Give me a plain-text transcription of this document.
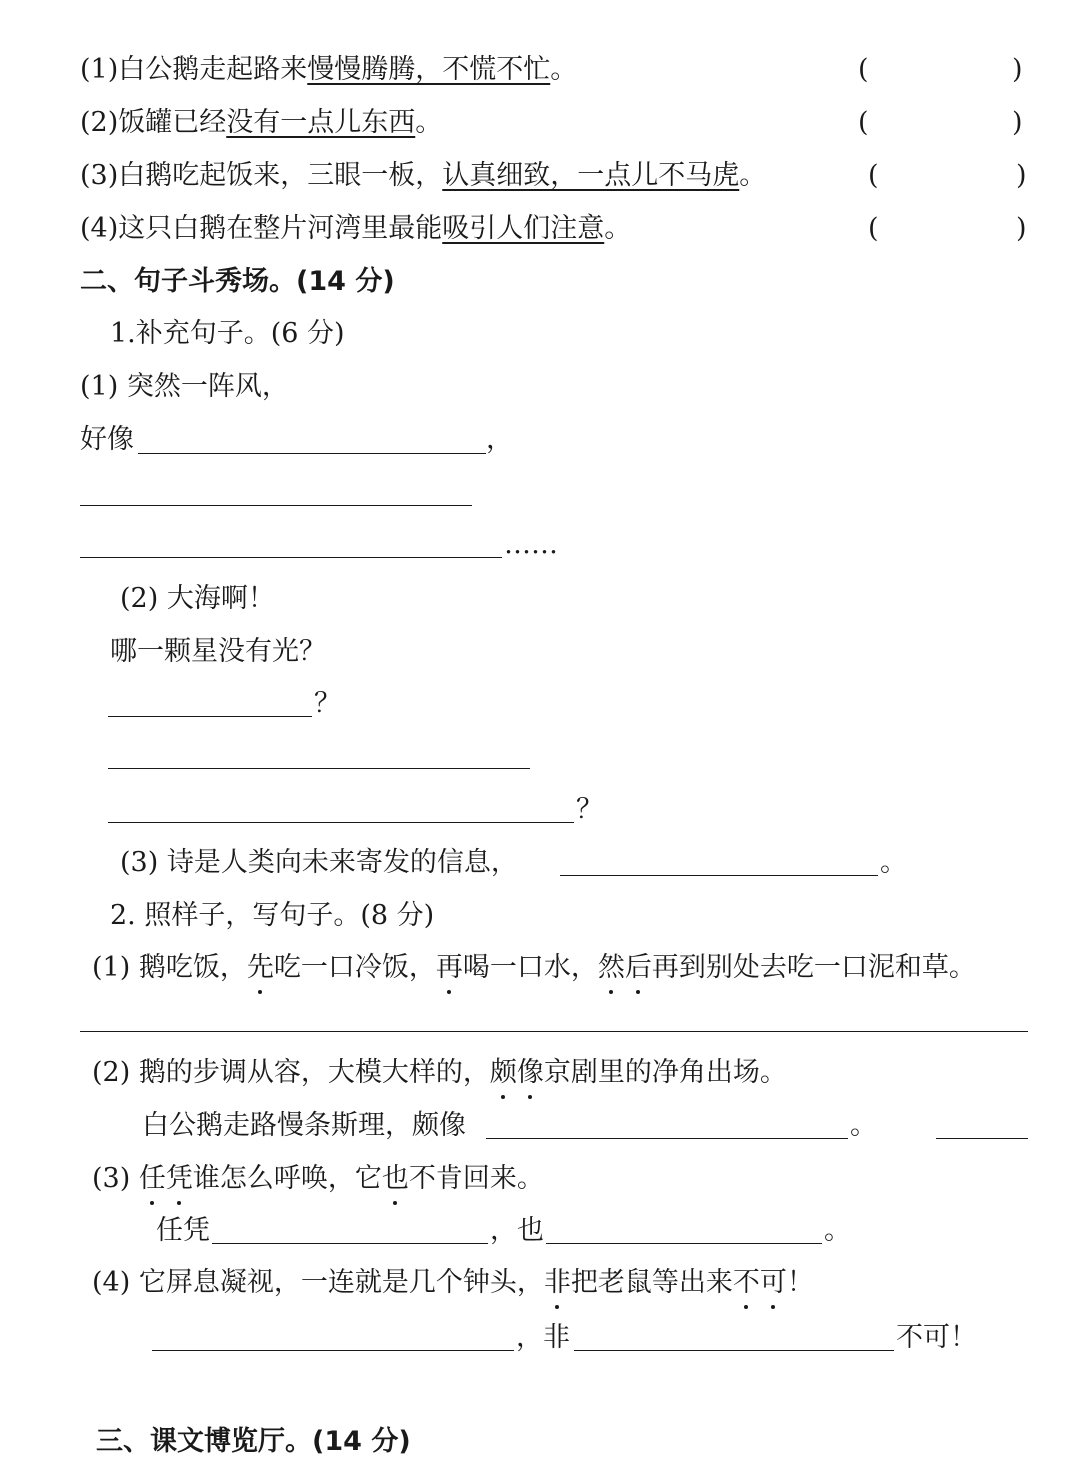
(1)白公鹅走起路来慢慢腾腾，不慌不忙。	(	)
(2)饭罐已经没有一点儿东西。	(	)
(3)白鹅吃起饭来，三眼一板，认真细致，一点儿不马虎。	(	)
(4)这只白鹅在整片河湾里最能吸引人们注意。	(	)
二、句子斗秀场。(14 分)
1.补充句子。(6 分)
(1) 突然一阵风，
好像	，
……
(2) 大海啊！
哪一颗星没有光？
？
？
(3) 诗是人类向未来寄发的信息，	。
2. 照样子，写句子。(8 分)
(1) 鹅吃饭，先吃一口冷饭，再喝一口水，然后再到别处去吃一口泥和草。
(2) 鹅的步调从容，大模大样的，颇像京剧里的净角出场。
白公鹅走路慢条斯理，颇像	。
(3) 任凭谁怎么呼唤，它也不肯回来。
任凭	，也	。
(4) 它屏息凝视，一连就是几个钟头，非把老鼠等出来不可！
，非	不可！
三、课文博览厅。(14 分)
